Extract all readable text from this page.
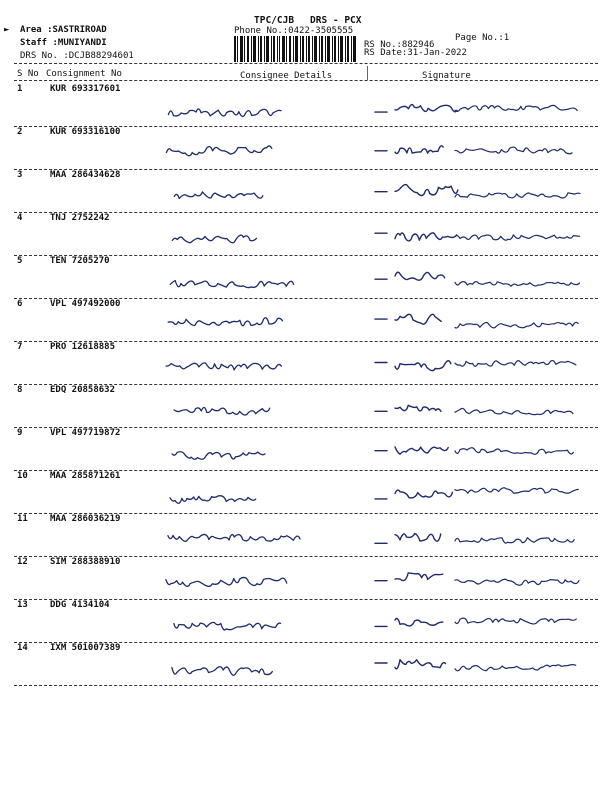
► Area :SASTRIROAD
Staff :MUNIYANDI
DRS No. :DCJB88294601
TPC/CJB DRS - PCX
Phone No.:0422-3505555
Page No.:1
RS No.:882946
RS Date:31-Jan-2022
S No Consignment No	Consignee Details	Signature
1	KUR 693317601
2	KUR 693316100
3	MAA 286434628
4	TNJ 2752242
5	TEN 7205270
6	VPL 497492000
7	PRO 12618885
8	EDQ 20858632
9	VPL 497719872
10 MAA 285871261
11 MAA 286036219
12 SIM 288388910
13 DDG 4134104
14 IXM 501007389
